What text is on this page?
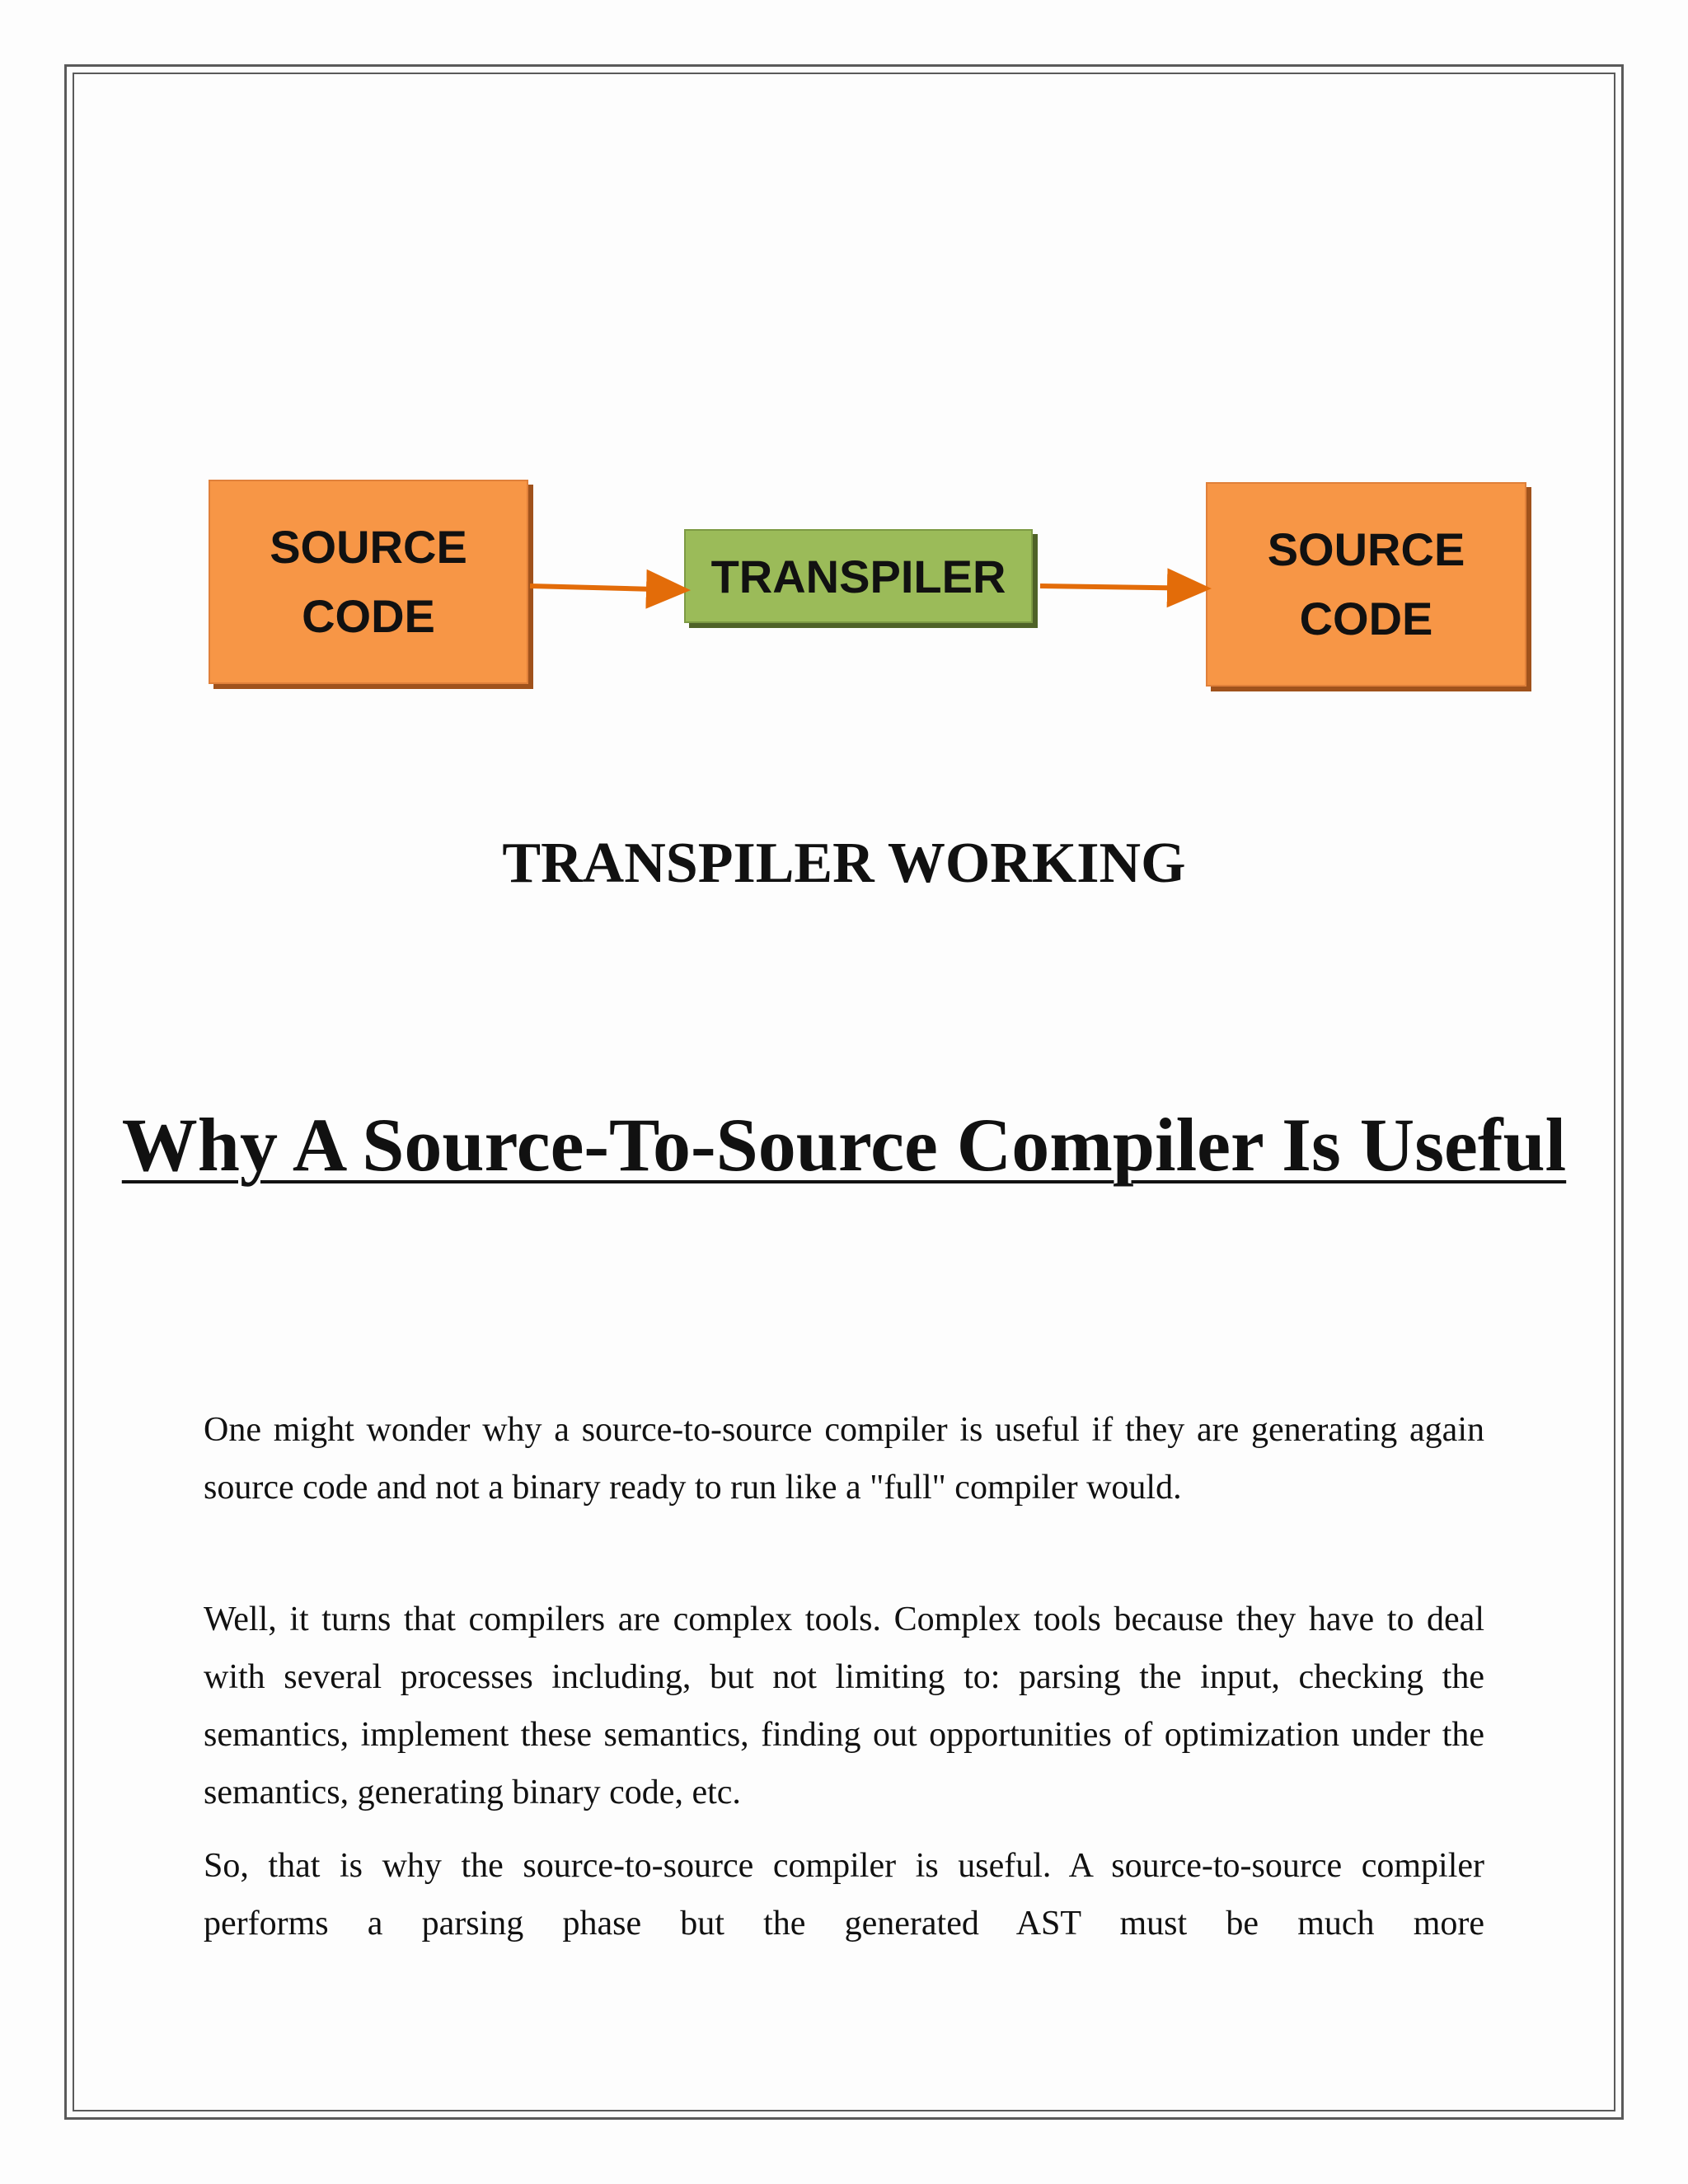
SOURCE
CODE
TRANSPILER
SOURCE
CODE
TRANSPILER WORKING
Why A Source-To-Source Compiler Is Useful

One might wonder why a source-to-source compiler is useful if they are generating again source code and not a binary ready to run like a "full" compiler would.

Well, it turns that compilers are complex tools. Complex tools because they have to deal with several processes including, but not limiting to: parsing the input, checking the semantics, implement these semantics, finding out opportunities of optimization under the semantics, generating binary code, etc.

So, that is why the source-to-source compiler is useful. A source-to-source compiler performs a parsing phase but the generated AST must be much more
